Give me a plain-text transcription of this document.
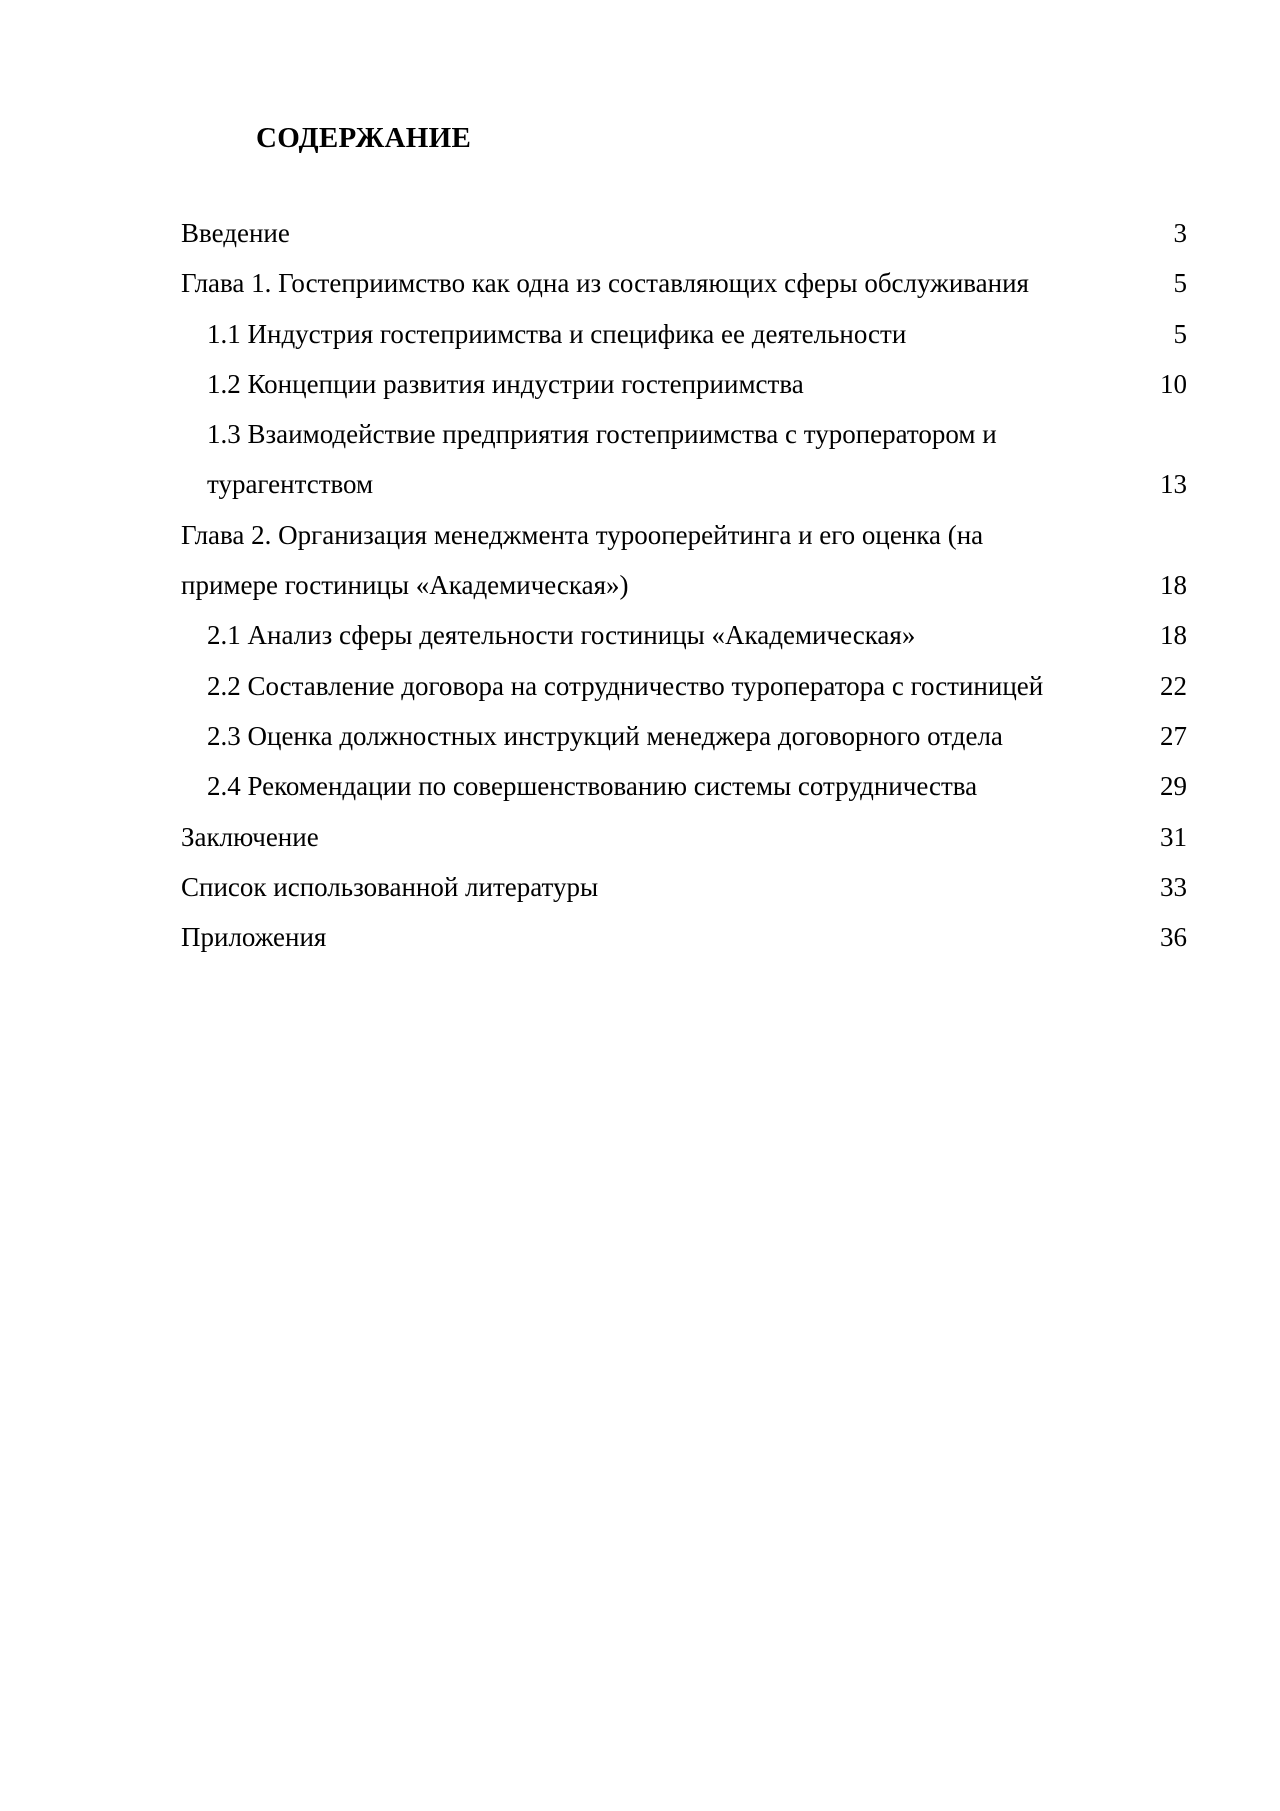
СОДЕРЖАНИЕ
Введение	3
Глава 1. Гостеприимство как одна из составляющих сферы обслуживания	5
1.1 Индустрия гостеприимства и специфика ее деятельности	5
1.2 Концепции развития индустрии гостеприимства	10
1.3 Взаимодействие предприятия гостеприимства с туроператором и
турагентством	13
Глава 2. Организация менеджмента турооперейтинга и его оценка (на
примере гостиницы «Академическая»)	18
2.1 Анализ сферы деятельности гостиницы «Академическая»	18
2.2 Составление договора на сотрудничество туроператора с гостиницей	22
2.3 Оценка должностных инструкций менеджера договорного отдела	27
2.4 Рекомендации по совершенствованию системы сотрудничества	29
Заключение	31
Список использованной литературы	33
Приложения	36
